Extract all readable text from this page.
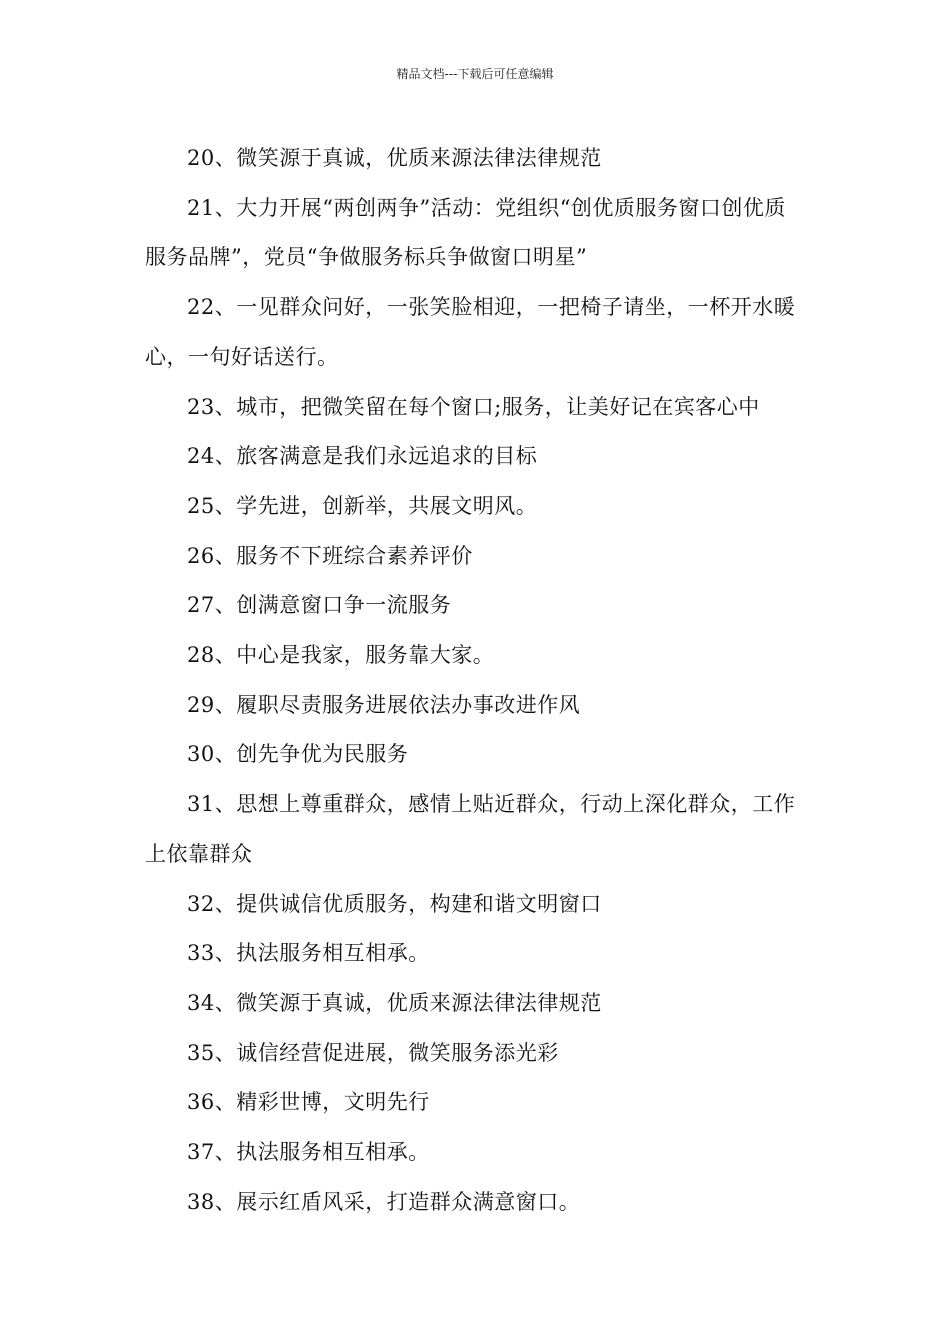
精品文档---下载后可任意编辑

20、微笑源于真诚，优质来源法律法律规范

21、大力开展“两创两争”活动：党组织“创优质服务窗口创优质服务品牌”，党员“争做服务标兵争做窗口明星”

22、一见群众问好，一张笑脸相迎，一把椅子请坐，一杯开水暖心，一句好话送行。

23、城市，把微笑留在每个窗口;服务，让美好记在宾客心中

24、旅客满意是我们永远追求的目标

25、学先进，创新举，共展文明风。

26、服务不下班综合素养评价

27、创满意窗口争一流服务

28、中心是我家，服务靠大家。

29、履职尽责服务进展依法办事改进作风

30、创先争优为民服务

31、思想上尊重群众，感情上贴近群众，行动上深化群众，工作上依靠群众

32、提供诚信优质服务，构建和谐文明窗口

33、执法服务相互相承。

34、微笑源于真诚，优质来源法律法律规范

35、诚信经营促进展，微笑服务添光彩

36、精彩世博，文明先行

37、执法服务相互相承。

38、展示红盾风采，打造群众满意窗口。
